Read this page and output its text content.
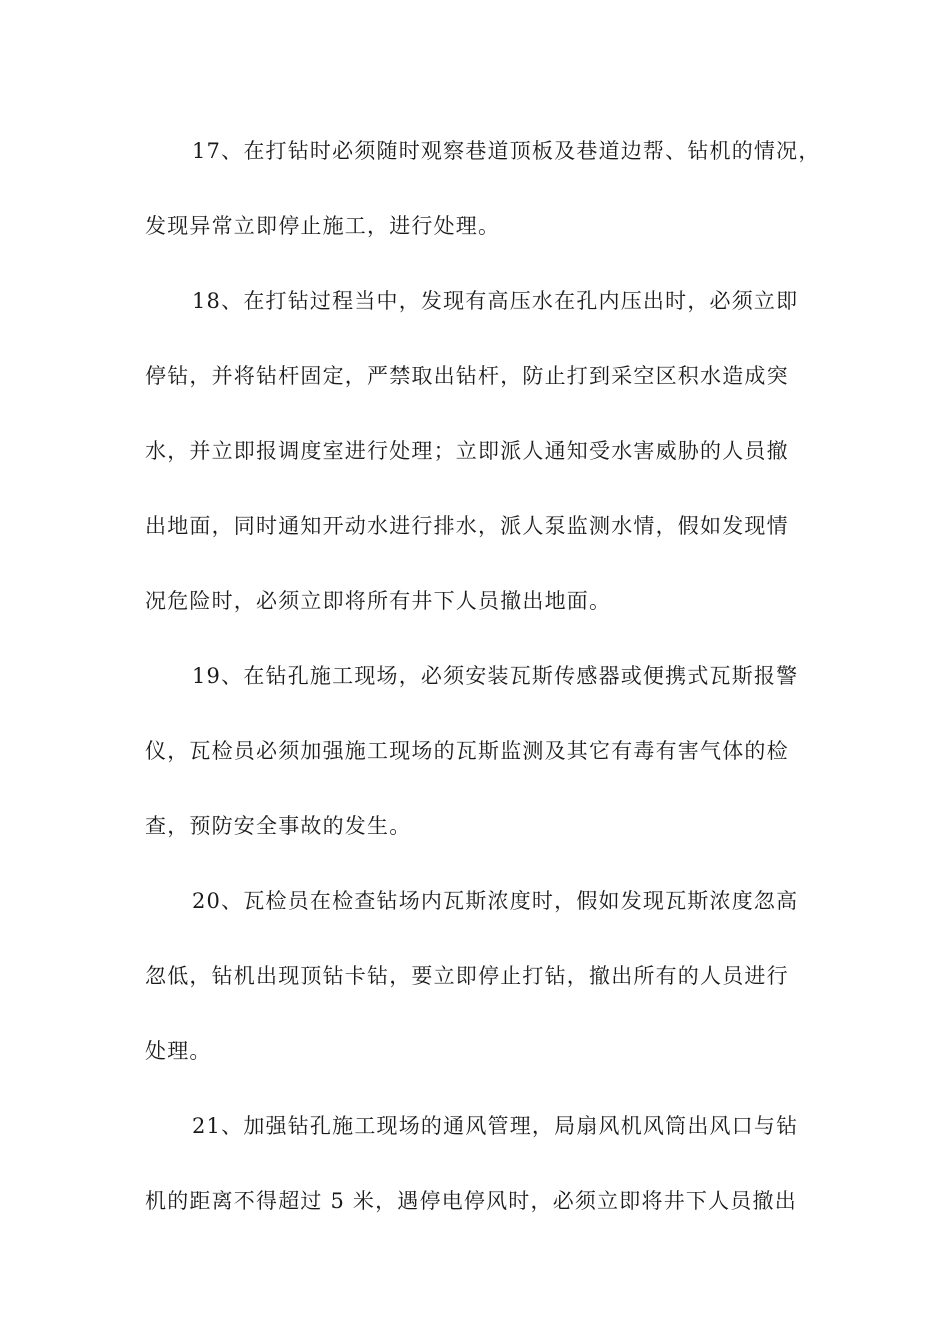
17、在打钻时必须随时观察巷道顶板及巷道边帮、钻机的情况，
发现异常立即停止施工，进行处理。
18、在打钻过程当中，发现有高压水在孔内压出时，必须立即
停钻，并将钻杆固定，严禁取出钻杆，防止打到采空区积水造成突
水，并立即报调度室进行处理；立即派人通知受水害威胁的人员撤
出地面，同时通知开动水进行排水，派人泵监测水情，假如发现情
况危险时，必须立即将所有井下人员撤出地面。
19、在钻孔施工现场，必须安装瓦斯传感器或便携式瓦斯报警
仪，瓦检员必须加强施工现场的瓦斯监测及其它有毒有害气体的检
查，预防安全事故的发生。
20、瓦检员在检查钻场内瓦斯浓度时，假如发现瓦斯浓度忽高
忽低，钻机出现顶钻卡钻，要立即停止打钻，撤出所有的人员进行
处理。
21、加强钻孔施工现场的通风管理，局扇风机风筒出风口与钻
机的距离不得超过 5 米，遇停电停风时，必须立即将井下人员撤出
